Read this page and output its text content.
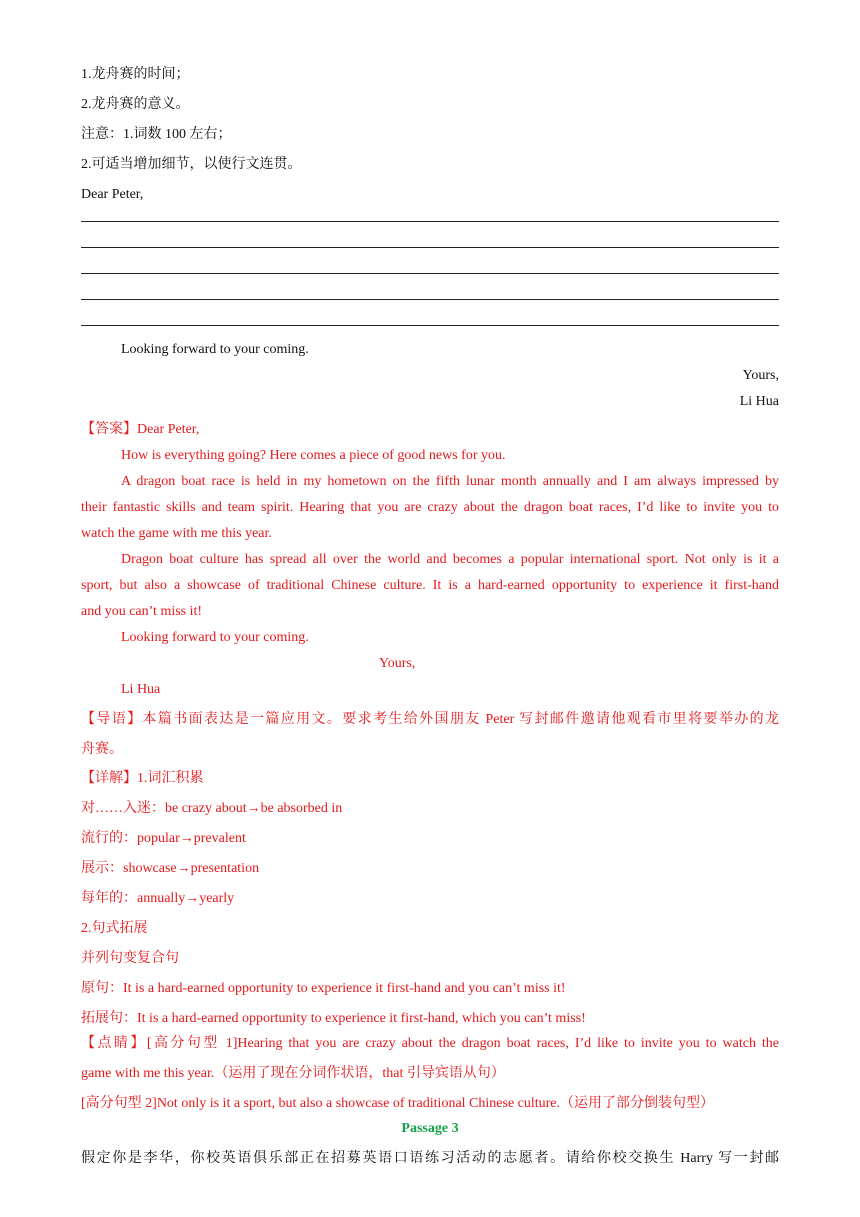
1.龙舟赛的时间；
2.龙舟赛的意义。
注意：1.词数 100 左右；
2.可适当增加细节，以使行文连贯。
Dear Peter,
Looking forward to your coming.
Yours,
Li Hua
【答案】Dear Peter,
How is everything going? Here comes a piece of good news for you.
A dragon boat race is held in my hometown on the fifth lunar month annually and I am always impressed by
their fantastic skills and team spirit. Hearing that you are crazy about the dragon boat races, I’d like to invite you to
watch the game with me this year.
Dragon boat culture has spread all over the world and becomes a popular international sport. Not only is it a
sport, but also a showcase of traditional Chinese culture. It is a hard-earned opportunity to experience it first-hand
and you can’t miss it!
Looking forward to your coming.
Yours,
Li Hua
【导语】本篇书面表达是一篇应用文。要求考生给外国朋友 Peter 写封邮件邀请他观看市里将要举办的龙
舟赛。
【详解】1.词汇积累
对……入迷：be crazy about→be absorbed in
流行的：popular→prevalent
展示：showcase→presentation
每年的：annually→yearly
2.句式拓展
并列句变复合句
原句：It is a hard-earned opportunity to experience it first-hand and you can’t miss it!
拓展句：It is a hard-earned opportunity to experience it first-hand, which you can’t miss!
【点睛】[高分句型 1]Hearing that you are crazy about the dragon boat races, I’d like to invite you to watch the
game with me this year.（运用了现在分词作状语，that 引导宾语从句）
[高分句型 2]Not only is it a sport, but also a showcase of traditional Chinese culture.（运用了部分倒装句型）
Passage 3
假定你是李华，你校英语俱乐部正在招募英语口语练习活动的志愿者。请给你校交换生 Harry 写一封邮
